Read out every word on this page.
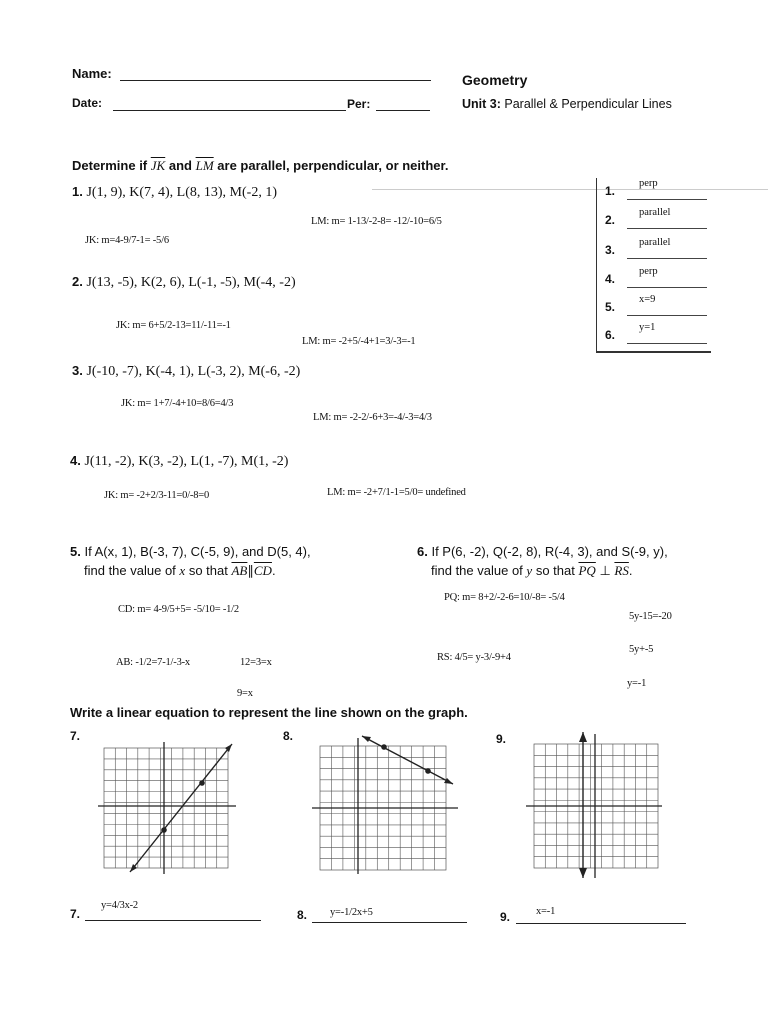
Name:
Date:	Per:
Geometry
Unit 3: Parallel & Perpendicular Lines
Determine if $\overline{JK}$ and $\overline{LM}$ are parallel, perpendicular, or neither.
1. J(1, 9), K(7, 4), L(8, 13), M(-2, 1)
LM: m= 1-13/-2-8= -12/-10=6/5
JK: m=4-9/7-1= -5/6
2. J(13, -5), K(2, 6), L(-1, -5), M(-4, -2)
JK: m= 6+5/2-13=11/-11=-1
LM: m= -2+5/-4+1=3/-3=-1
3. J(-10, -7), K(-4, 1), L(-3, 2), M(-6, -2)
JK: m= 1+7/-4+10=8/6=4/3
LM: m= -2-2/-6+3=-4/-3=4/3
4. J(11, -2), K(3, -2), L(1, -7), M(1, -2)
LM: m= -2+7/1-1=5/0= undefined
JK: m= -2+2/3-11=0/-8=0
1.
perp
2.
parallel
3.
parallel
4.
perp
5.
x=9
6.
y=1
5. If A(x, 1), B(-3, 7), C(-5, 9), and D(5, 4),
find the value of x so that $\overline{AB}\parallel\overline{CD}$.
CD: m= 4-9/5+5= -5/10= -1/2
AB: -1/2=7-1/-3-x	12=3=x
9=x
6. If P(6, -2), Q(-2, 8), R(-4, 3), and S(-9, y),
find the value of y so that $\overline{PQ}$ ⊥ $\overline{RS}$.
PQ: m= 8+2/-2-6=10/-8= -5/4
5y-15=-20
5y+-5
RS: 4/5= y-3/-9+4
y=-1
Write a linear equation to represent the line shown on the graph.
7.	8.	9.
7.
y=4/3x-2
8. y=-1/2x+5	9. x=-1
